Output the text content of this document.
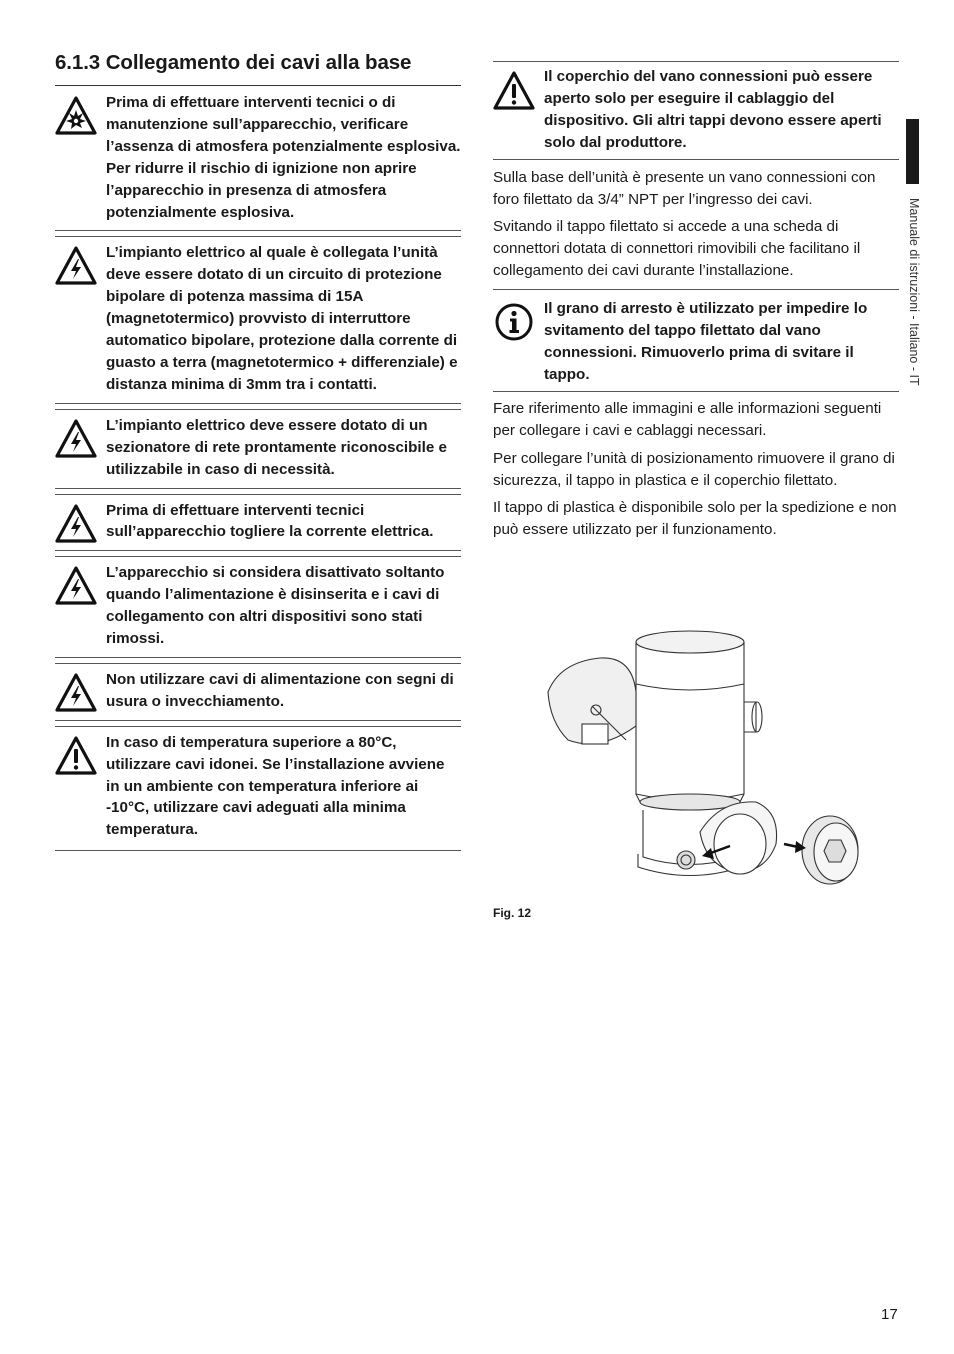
6.1.3 Collegamento dei cavi alla base
Prima di effettuare interventi tecnici o di manutenzione sull’apparecchio, verificare l’assenza di atmosfera potenzialmente esplosiva. Per ridurre il rischio di ignizione non aprire l’apparecchio in presenza di atmosfera potenzialmente esplosiva.
L’impianto elettrico al quale è collegata l’unità deve essere dotato di un circuito di protezione bipolare di potenza massima di 15A (magnetotermico) provvisto di interruttore automatico bipolare, protezione dalla corrente di guasto a terra (magnetotermico + differenziale) e distanza minima di 3mm tra i contatti.
L’impianto elettrico deve essere dotato di un sezionatore di rete prontamente riconoscibile e utilizzabile in caso di necessità.
Prima di effettuare interventi tecnici sull’apparecchio togliere la corrente elettrica.
L’apparecchio si considera disattivato soltanto quando l’alimentazione è disinserita e i cavi di collegamento con altri dispositivi sono stati rimossi.
Non utilizzare cavi di alimentazione con segni di usura o invecchiamento.
In caso di temperatura superiore a 80°C, utilizzare cavi idonei. Se l’installazione avviene in un ambiente con temperatura inferiore ai -10°C, utilizzare cavi adeguati alla minima temperatura.
Il coperchio del vano connessioni può essere aperto solo per eseguire il cablaggio del dispositivo. Gli altri tappi devono essere aperti solo dal produttore.

Sulla base dell’unità è presente un vano connessioni con foro filettato da 3/4” NPT per l’ingresso dei cavi.

Svitando il tappo filettato si accede a una scheda di connettori dotata di connettori rimovibili che facilitano il collegamento dei cavi durante l’installazione.

Il grano di arresto è utilizzato per impedire lo svitamento del tappo filettato dal vano connessioni. Rimuoverlo prima di svitare il tappo.

Fare riferimento alle immagini e alle informazioni seguenti per collegare i cavi e cablaggi necessari.

Per collegare l’unità di posizionamento rimuovere il grano di sicurezza, il tappo in plastica e il coperchio filettato.

Il tappo di plastica è disponibile solo per la spedizione e non può essere utilizzato per il funzionamento.

Fig. 12
Manuale di istruzioni - Italiano - IT
17
